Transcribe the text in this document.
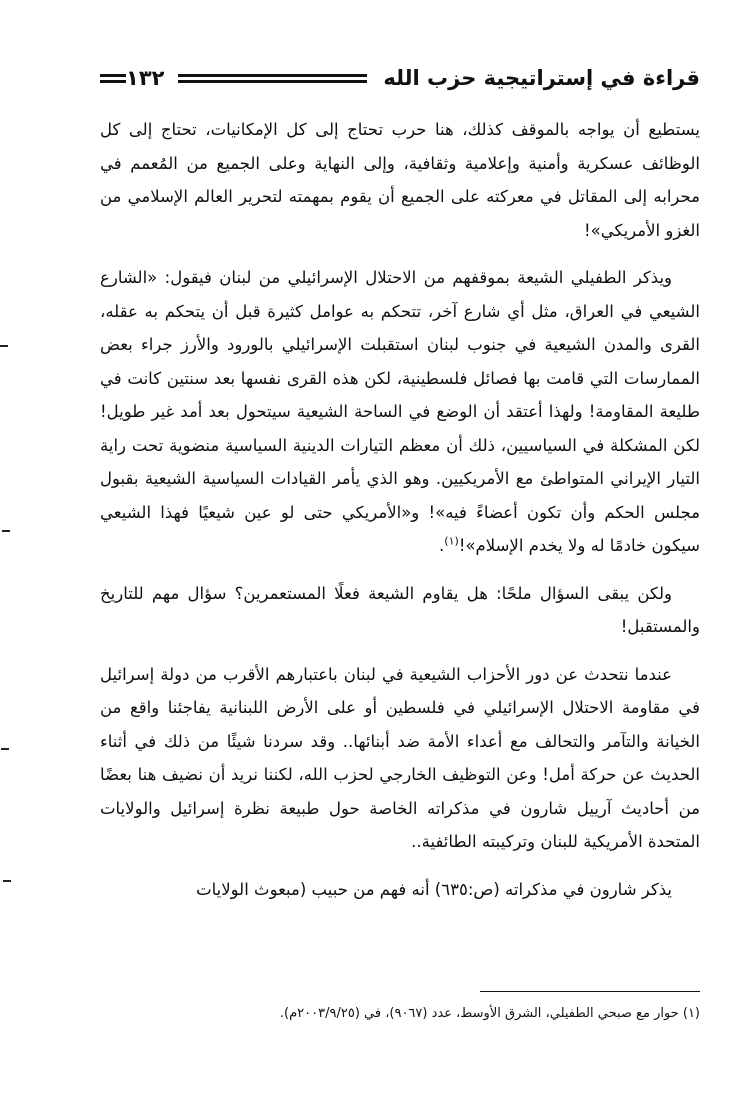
قراءة في إستراتيجية حزب الله
١٣٢

يستطيع أن يواجه بالموقف كذلك، هنا حرب تحتاج إلى كل الإمكانيات، تحتاج إلى كل الوظائف عسكرية وأمنية وإعلامية وثقافية، وإلى النهاية وعلى الجميع من المُعمم في محرابه إلى المقاتل في معركته على الجميع أن يقوم بمهمته لتحرير العالم الإسلامي من الغزو الأمريكي»!

ويذكر الطفيلي الشيعة بموقفهم من الاحتلال الإسرائيلي من لبنان فيقول: «الشارع الشيعي في العراق، مثل أي شارع آخر، تتحكم به عوامل كثيرة قبل أن يتحكم به عقله، القرى والمدن الشيعية في جنوب لبنان استقبلت الإسرائيلي بالورود والأرز جراء بعض الممارسات التي قامت بها فصائل فلسطينية، لكن هذه القرى نفسها بعد سنتين كانت في طليعة المقاومة! ولهذا أعتقد أن الوضع في الساحة الشيعية سيتحول بعد أمد غير طويل! لكن المشكلة في السياسيين، ذلك أن معظم التيارات الدينية السياسية منضوية تحت راية التيار الإيراني المتواطئ مع الأمريكيين. وهو الذي يأمر القيادات السياسية الشيعية بقبول مجلس الحكم وأن تكون أعضاءً فيه»! و«الأمريكي حتى لو عين شيعيًا فهذا الشيعي سيكون خادمًا له ولا يخدم الإسلام»!$^{(١)}$.

ولكن يبقى السؤال ملحًا: هل يقاوم الشيعة فعلًا المستعمرين؟ سؤال مهم للتاريخ والمستقبل!

عندما نتحدث عن دور الأحزاب الشيعية في لبنان باعتبارهم الأقرب من دولة إسرائيل في مقاومة الاحتلال الإسرائيلي في فلسطين أو على الأرض اللبنانية يفاجئنا واقع من الخيانة والتآمر والتحالف مع أعداء الأمة ضد أبنائها.. وقد سردنا شيئًا من ذلك في أثناء الحديث عن حركة أمل! وعن التوظيف الخارجي لحزب الله، لكننا نريد أن نضيف هنا بعضًا من أحاديث آرييل شارون في مذكراته الخاصة حول طبيعة نظرة إسرائيل والولايات المتحدة الأمريكية للبنان وتركيبته الطائفية..

يذكر شارون في مذكراته (ص:٦٣٥) أنه فهم من حبيب (مبعوث الولايات

(١) حوار مع صبحي الطفيلي، الشرق الأوسط، عدد (٩٠٦٧)، في (٢٠٠٣/٩/٢٥م).
